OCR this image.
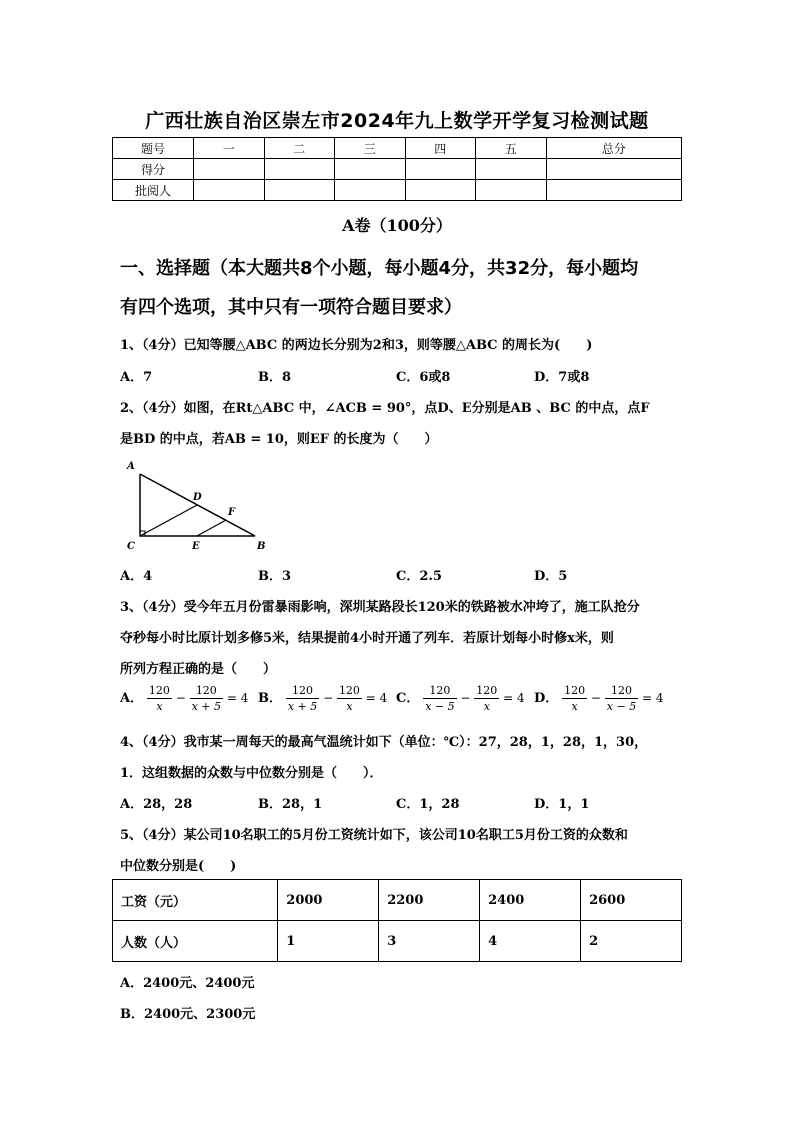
广西壮族自治区崇左市2024年九上数学开学复习检测试题
题号	一	二	三	四	五	总分
得分						
批阅人						
A卷（100分）
一、选择题（本大题共8个小题，每小题4分，共32分，每小题均
有四个选项，其中只有一项符合题目要求）
1、（4分）已知等腰△ABC 的两边长分别为2和3，则等腰△ABC 的周长为(　　)
A．7	B．8	C．6或8	D．7或8
2、（4分）如图，在Rt△ABC 中，∠ACB = 90°，点D、E分别是AB 、BC 的中点，点F
是BD 的中点，若AB = 10，则EF 的长度为（　　）
A
C	B
D
E
F
A．4	B．3	C．2.5	D．5
3、（4分）受今年五月份雷暴雨影响，深圳某路段长120米的铁路被水冲垮了，施工队抢分
夺秒每小时比原计划多修5米，结果提前4小时开通了列车．若原计划每小时修x米，则
所列方程正确的是（　　）
A． $\frac{120}{x} - \frac{120}{x + 5} = 4$ B． $\frac{120}{x + 5} - \frac{120}{x} = 4$ C． $\frac{120}{x - 5} - \frac{120}{x} = 4$ D． $\frac{120}{x} - \frac{120}{x - 5} = 4$
4、（4分）我市某一周每天的最高气温统计如下（单位：℃）：27，28，1，28，1，30，
1．这组数据的众数与中位数分别是（　　）．
A．28，28	B．28，1	C．1，28	D．1，1
5、（4分）某公司10名职工的5月份工资统计如下，该公司10名职工5月份工资的众数和
中位数分别是(　　)
工资（元）	2000	2200	2400	2600
人数（人）	1	3	4	2
A．2400元、2400元
B．2400元、2300元
